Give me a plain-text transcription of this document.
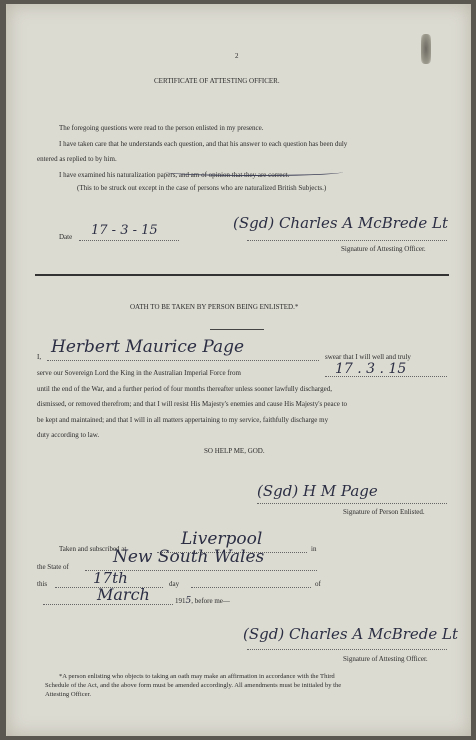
2
CERTIFICATE OF ATTESTING OFFICER.
The foregoing questions were read to the person enlisted in my presence.
I have taken care that he understands each question, and that his answer to each question has been duly
entered as replied to by him.
I have examined his naturalization papers, and am of opinion that they are correct.
(This to be struck out except in the case of persons who are naturalized British Subjects.)
Date 17 - 3 - 15	(Sgd) Charles A McBrede Lt
Signature of Attesting Officer.
OATH TO BE TAKEN BY PERSON BEING ENLISTED.*
I, Herbert Maurice Page	swear that I will well and truly
serve our Sovereign Lord the King in the Australian Imperial Force from	17 . 3 . 15
until the end of the War, and a further period of four months thereafter unless sooner lawfully discharged,
dismissed, or removed therefrom; and that I will resist His Majesty's enemies and cause His Majesty's peace to
be kept and maintained; and that I will in all matters appertaining to my service, faithfully discharge my
duty according to law.
SO HELP ME, GOD.
(Sgd) H M Page
Signature of Person Enlisted.
Taken and subscribed at	Liverpool	in
the State of	New South Wales
this	17th	day	of
March	1915, before me—
(Sgd) Charles A McBrede Lt
Signature of Attesting Officer.
*A person enlisting who objects to taking an oath may make an affirmation in accordance with the Third
Schedule of the Act, and the above form must be amended accordingly. All amendments must be initialed by the
Attesting Officer.
